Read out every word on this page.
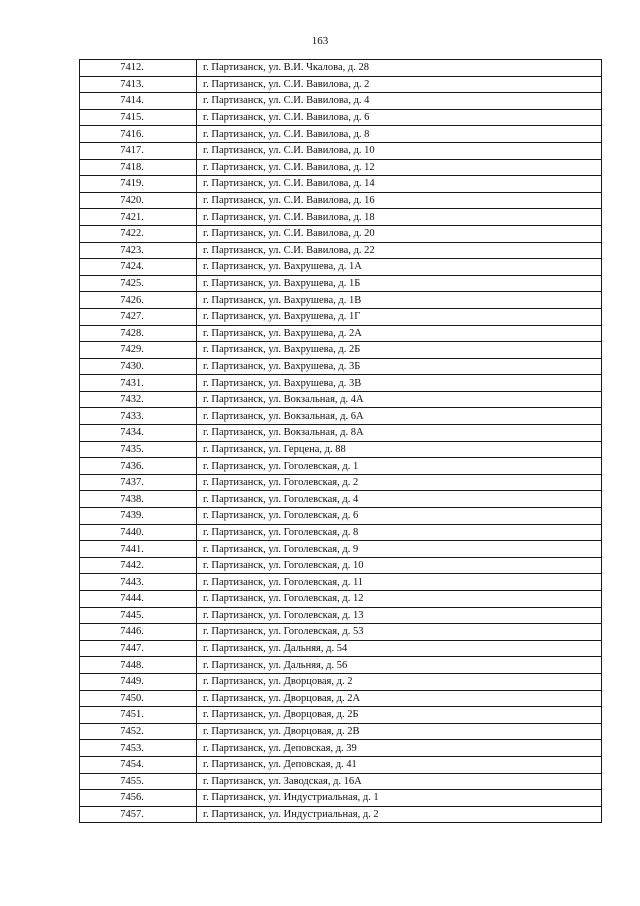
163
7412.	г. Партизанск, ул. В.И. Чкалова, д. 28
7413.	г. Партизанск, ул. С.И. Вавилова, д. 2
7414.	г. Партизанск, ул. С.И. Вавилова, д. 4
7415.	г. Партизанск, ул. С.И. Вавилова, д. 6
7416.	г. Партизанск, ул. С.И. Вавилова, д. 8
7417.	г. Партизанск, ул. С.И. Вавилова, д. 10
7418.	г. Партизанск, ул. С.И. Вавилова, д. 12
7419.	г. Партизанск, ул. С.И. Вавилова, д. 14
7420.	г. Партизанск, ул. С.И. Вавилова, д. 16
7421.	г. Партизанск, ул. С.И. Вавилова, д. 18
7422.	г. Партизанск, ул. С.И. Вавилова, д. 20
7423.	г. Партизанск, ул. С.И. Вавилова, д. 22
7424.	г. Партизанск, ул. Вахрушева, д. 1А
7425.	г. Партизанск, ул. Вахрушева, д. 1Б
7426.	г. Партизанск, ул. Вахрушева, д. 1В
7427.	г. Партизанск, ул. Вахрушева, д. 1Г
7428.	г. Партизанск, ул. Вахрушева, д. 2А
7429.	г. Партизанск, ул. Вахрушева, д. 2Б
7430.	г. Партизанск, ул. Вахрушева, д. 3Б
7431.	г. Партизанск, ул. Вахрушева, д. 3В
7432.	г. Партизанск, ул. Вокзальная, д. 4А
7433.	г. Партизанск, ул. Вокзальная, д. 6А
7434.	г. Партизанск, ул. Вокзальная, д. 8А
7435.	г. Партизанск, ул. Герцена, д. 88
7436.	г. Партизанск, ул. Гоголевская, д. 1
7437.	г. Партизанск, ул. Гоголевская, д. 2
7438.	г. Партизанск, ул. Гоголевская, д. 4
7439.	г. Партизанск, ул. Гоголевская, д. 6
7440.	г. Партизанск, ул. Гоголевская, д. 8
7441.	г. Партизанск, ул. Гоголевская, д. 9
7442.	г. Партизанск, ул. Гоголевская, д. 10
7443.	г. Партизанск, ул. Гоголевская, д. 11
7444.	г. Партизанск, ул. Гоголевская, д. 12
7445.	г. Партизанск, ул. Гоголевская, д. 13
7446.	г. Партизанск, ул. Гоголевская, д. 53
7447.	г. Партизанск, ул. Дальняя, д. 54
7448.	г. Партизанск, ул. Дальняя, д. 56
7449.	г. Партизанск, ул. Дворцовая, д. 2
7450.	г. Партизанск, ул. Дворцовая, д. 2А
7451.	г. Партизанск, ул. Дворцовая, д. 2Б
7452.	г. Партизанск, ул. Дворцовая, д. 2В
7453.	г. Партизанск, ул. Деповская, д. 39
7454.	г. Партизанск, ул. Деповская, д. 41
7455.	г. Партизанск, ул. Заводская, д. 16А
7456.	г. Партизанск, ул. Индустриальная, д. 1
7457.	г. Партизанск, ул. Индустриальная, д. 2
